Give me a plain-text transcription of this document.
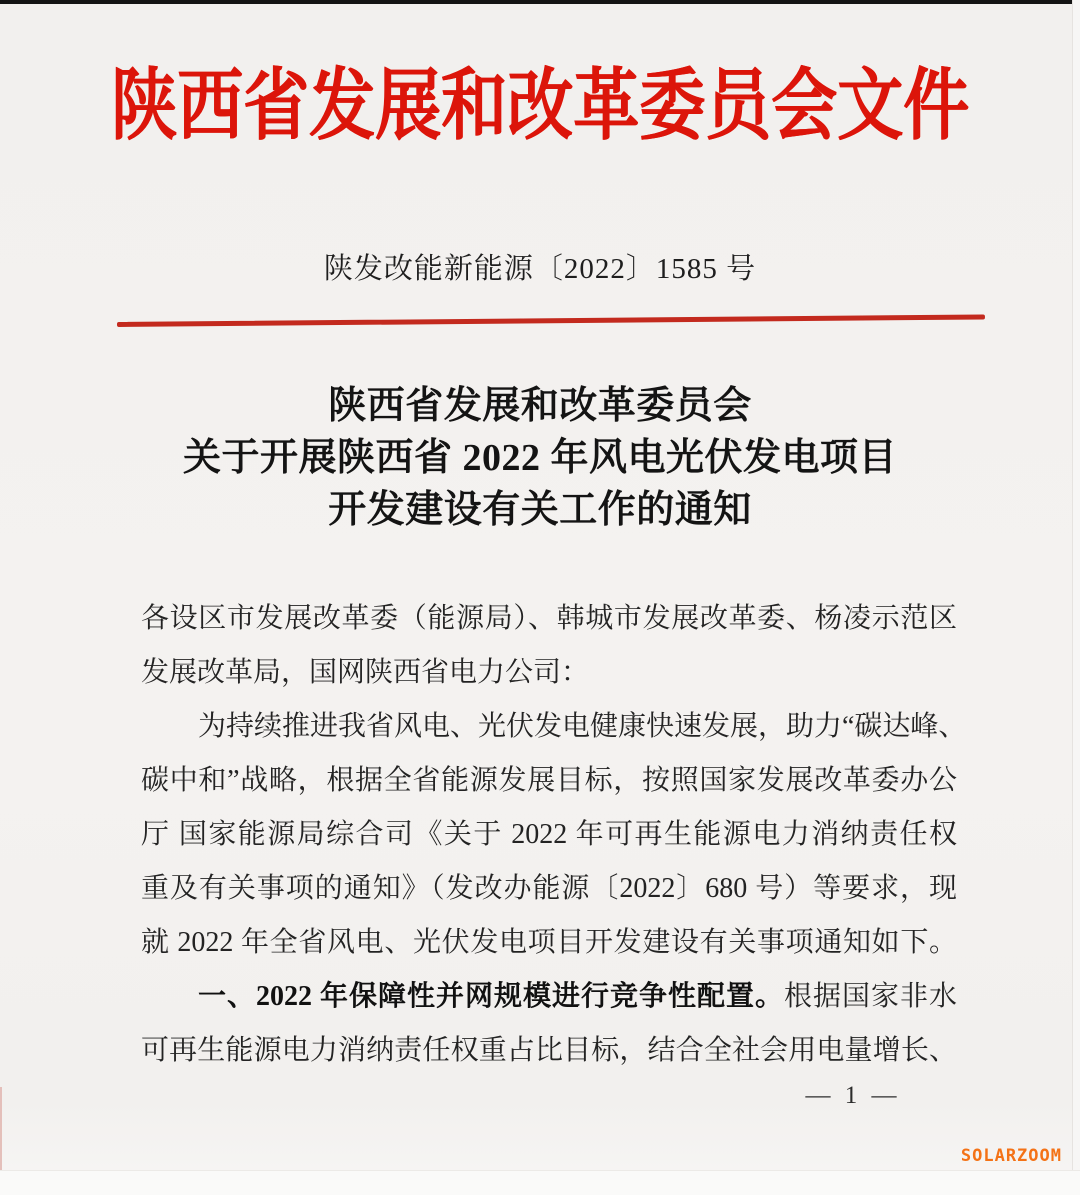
陕西省发展和改革委员会文件
陕发改能新能源〔2022〕1585 号
陕西省发展和改革委员会
关于开展陕西省 2022 年风电光伏发电项目
开发建设有关工作的通知
各设区市发展改革委（能源局）、韩城市发展改革委、杨凌示范区
发展改革局，国网陕西省电力公司：
为持续推进我省风电、光伏发电健康快速发展，助力“碳达峰、
碳中和”战略，根据全省能源发展目标，按照国家发展改革委办公
厅 国家能源局综合司《关于 2022 年可再生能源电力消纳责任权
重及有关事项的通知》（发改办能源〔2022〕680 号）等要求，现
就 2022 年全省风电、光伏发电项目开发建设有关事项通知如下。
一、2022 年保障性并网规模进行竞争性配置。根据国家非水
可再生能源电力消纳责任权重占比目标，结合全社会用电量增长、
— 1 —
SOLARZOOM
